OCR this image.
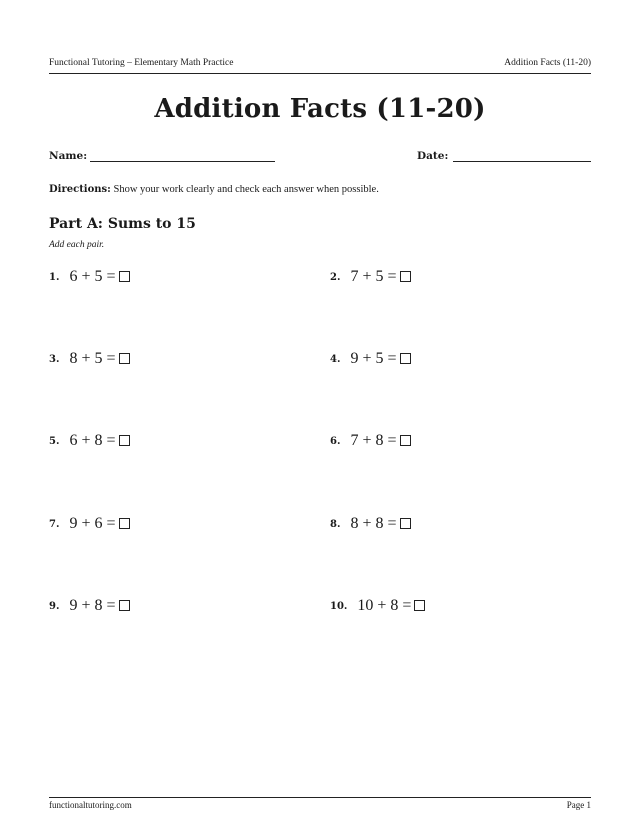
Functional Tutoring – Elementary Math Practice	Addition Facts (11-20)
Addition Facts (11-20)
Name:	Date:
Directions: Show your work clearly and check each answer when possible.
Part A: Sums to 15
Add each pair.
1. 6 + 5 =	2. 7 + 5 =
3. 8 + 5 =	4. 9 + 5 =
5. 6 + 8 =	6. 7 + 8 =
7. 9 + 6 =	8. 8 + 8 =
9. 9 + 8 =	10. 10 + 8 =
functionaltutoring.com	Page 1
